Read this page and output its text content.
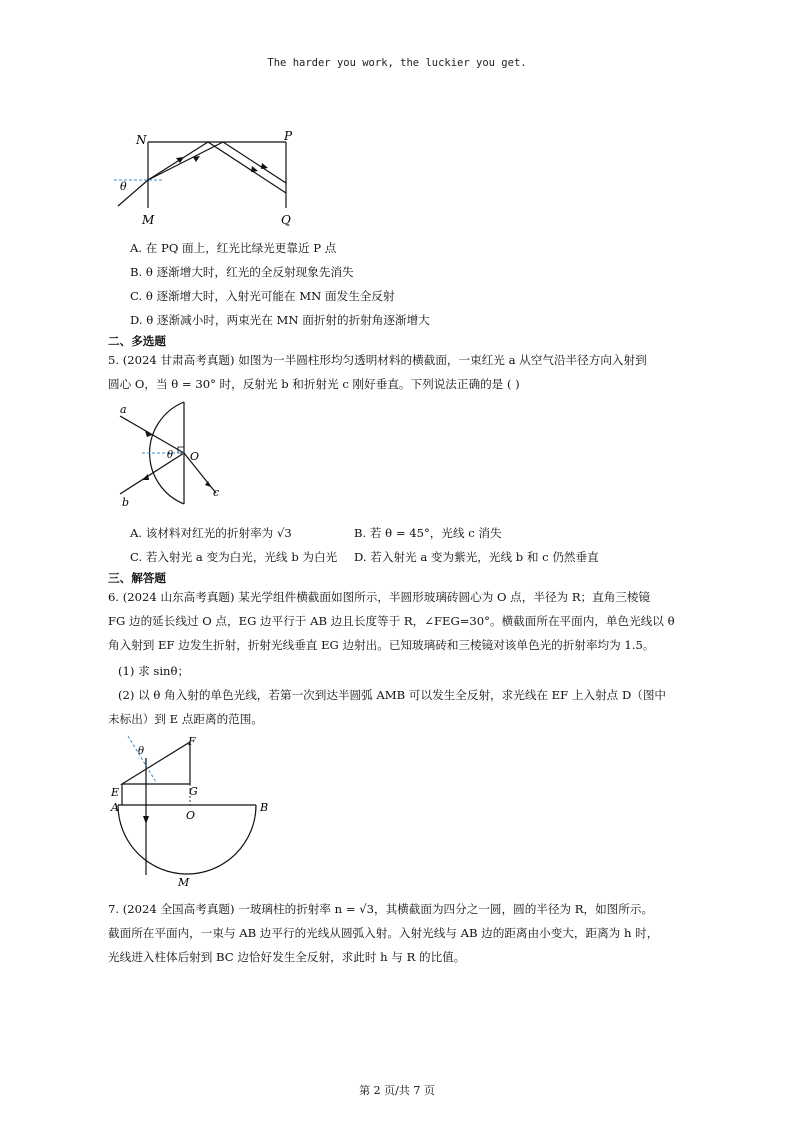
The harder you work, the luckier you get.
N	P
M	Q
θ
A. 在 PQ 面上，红光比绿光更靠近 P 点
B. θ 逐渐增大时，红光的全反射现象先消失
C. θ 逐渐增大时，入射光可能在 MN 面发生全反射
D. θ 逐渐减小时，两束光在 MN 面折射的折射角逐渐增大
二、多选题
5. (2024 甘肃高考真题) 如图为一半圆柱形均匀透明材料的横截面，一束红光 a 从空气沿半径方向入射到
圆心 O，当 θ = 30° 时，反射光 b 和折射光 c 刚好垂直。下列说法正确的是 ( )
a
b
c
O
θ
A. 该材料对红光的折射率为 √3	B. 若 θ = 45°，光线 c 消失
C. 若入射光 a 变为白光，光线 b 为白光 D. 若入射光 a 变为紫光，光线 b 和 c 仍然垂直
三、解答题
6. (2024 山东高考真题) 某光学组件横截面如图所示，半圆形玻璃砖圆心为 O 点，半径为 R；直角三棱镜
FG 边的延长线过 O 点，EG 边平行于 AB 边且长度等于 R，∠FEG=30°。横截面所在平面内，单色光线以 θ
角入射到 EF 边发生折射，折射光线垂直 EG 边射出。已知玻璃砖和三棱镜对该单色光的折射率均为 1.5。
(1) 求 sinθ；
(2) 以 θ 角入射的单色光线，若第一次到达半圆弧 AMB 可以发生全反射，求光线在 EF 上入射点 D（图中
未标出）到 E 点距离的范围。
F
G
E
A	B
O
M
θ
7. (2024 全国高考真题) 一玻璃柱的折射率 n = √3，其横截面为四分之一圆，圆的半径为 R，如图所示。
截面所在平面内，一束与 AB 边平行的光线从圆弧入射。入射光线与 AB 边的距离由小变大，距离为 h 时，
光线进入柱体后射到 BC 边恰好发生全反射，求此时 h 与 R 的比值。
第 2 页/共 7 页
